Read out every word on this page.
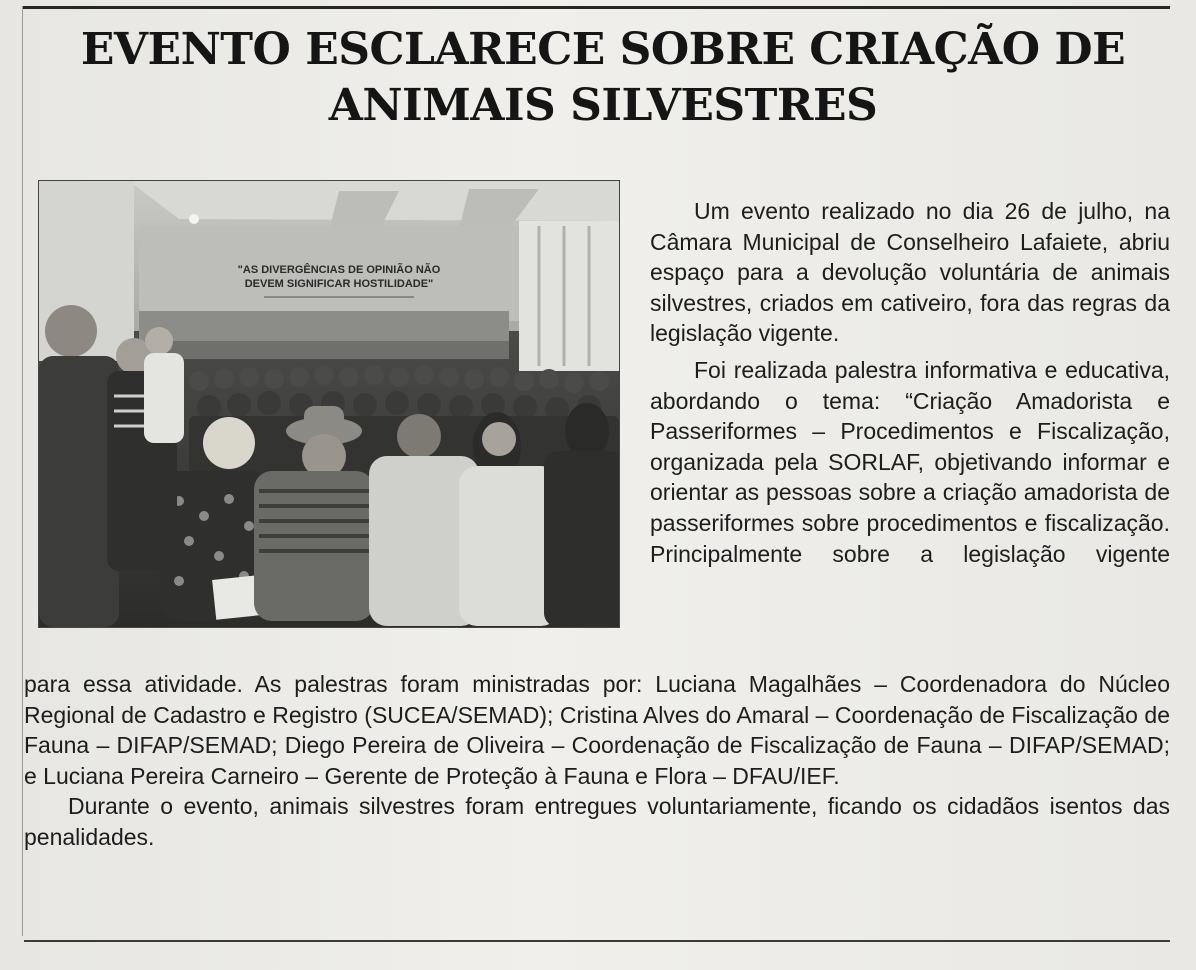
EVENTO ESCLARECE SOBRE CRIAÇÃO DE ANIMAIS SILVESTRES
"AS DIVERGÊNCIAS DE OPINIÃO NÃO
DEVEM SIGNIFICAR HOSTILIDADE"

Um evento realizado no dia 26 de julho, na Câmara Municipal de Conselheiro Lafaiete, abriu espaço para a devolução voluntária de animais silvestres, criados em cativeiro, fora das regras da legislação vigente.

Foi realizada palestra informativa e educativa, abordando o tema: “Criação Amadorista e Passeriformes – Procedimentos e Fiscalização, organizada pela SORLAF, objetivando informar e orientar as pessoas sobre a criação amadorista de passeriformes sobre procedimentos e fiscalização. Principalmente sobre a legislação vigente

para essa atividade. As palestras foram ministradas por: Luciana Magalhães – Coordenadora do Núcleo Regional de Cadastro e Registro (SUCEA/SEMAD); Cristina Alves do Amaral – Coordenação de Fiscalização de Fauna – DIFAP/SEMAD; Diego Pereira de Oliveira – Coordenação de Fiscalização de Fauna – DIFAP/SEMAD; e Luciana Pereira Carneiro – Gerente de Proteção à Fauna e Flora – DFAU/IEF.

Durante o evento, animais silvestres foram entregues voluntariamente, ficando os cidadãos isentos das penalidades.
